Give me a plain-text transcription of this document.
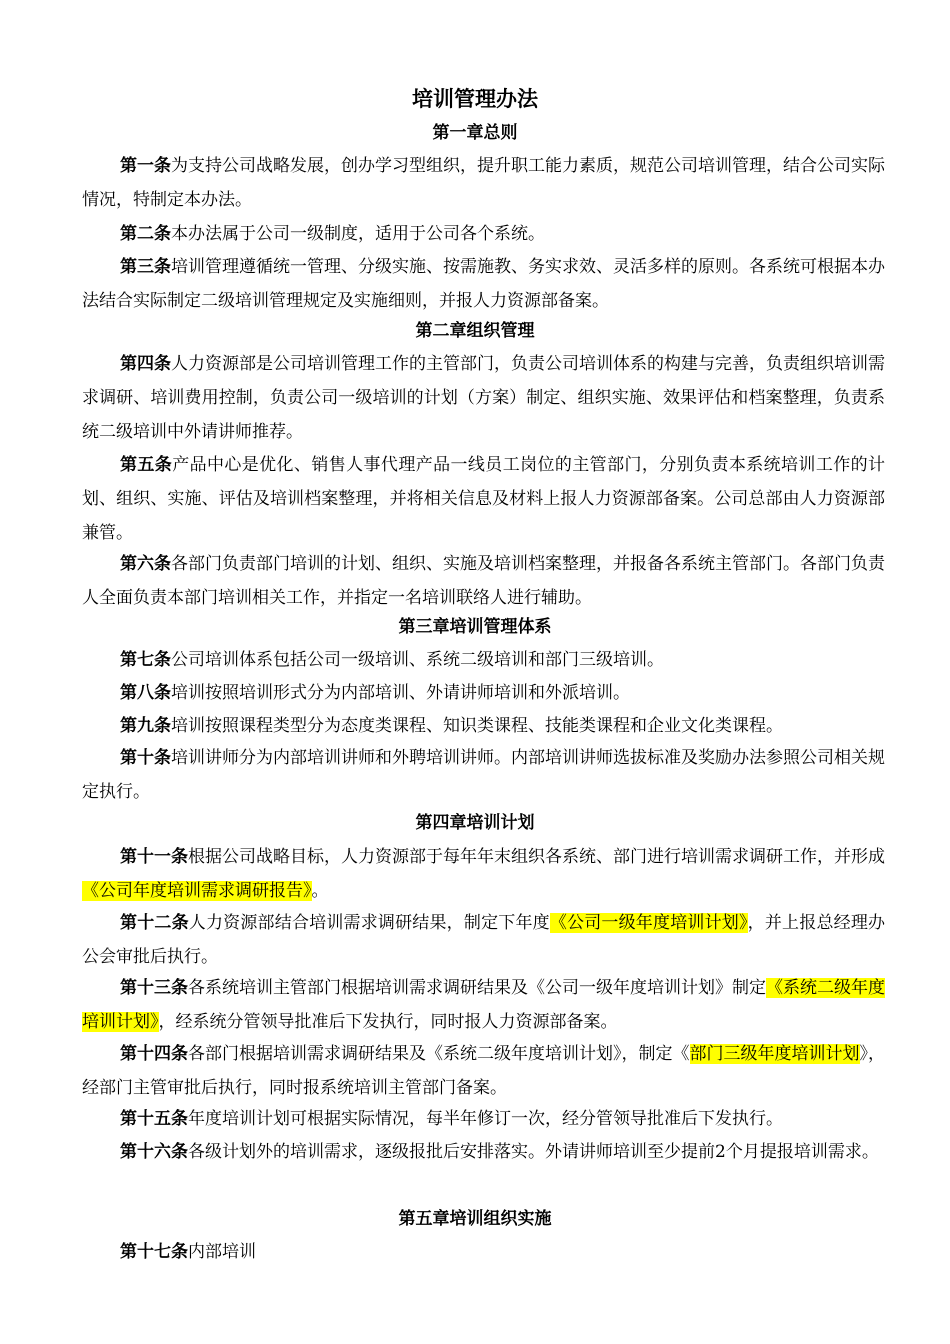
培训管理办法
第一章总则
第一条为支持公司战略发展，创办学习型组织，提升职工能力素质，规范公司培训管理，结合公司实际情况，特制定本办法。
第二条本办法属于公司一级制度，适用于公司各个系统。
第三条培训管理遵循统一管理、分级实施、按需施教、务实求效、灵活多样的原则。各系统可根据本办法结合实际制定二级培训管理规定及实施细则，并报人力资源部备案。
第二章组织管理
第四条人力资源部是公司培训管理工作的主管部门，负责公司培训体系的构建与完善，负责组织培训需求调研、培训费用控制，负责公司一级培训的计划（方案）制定、组织实施、效果评估和档案整理，负责系统二级培训中外请讲师推荐。
第五条产品中心是优化、销售人事代理产品一线员工岗位的主管部门，分别负责本系统培训工作的计划、组织、实施、评估及培训档案整理，并将相关信息及材料上报人力资源部备案。公司总部由人力资源部兼管。
第六条各部门负责部门培训的计划、组织、实施及培训档案整理，并报备各系统主管部门。各部门负责人全面负责本部门培训相关工作，并指定一名培训联络人进行辅助。
第三章培训管理体系
第七条公司培训体系包括公司一级培训、系统二级培训和部门三级培训。
第八条培训按照培训形式分为内部培训、外请讲师培训和外派培训。
第九条培训按照课程类型分为态度类课程、知识类课程、技能类课程和企业文化类课程。
第十条培训讲师分为内部培训讲师和外聘培训讲师。内部培训讲师选拔标准及奖励办法参照公司相关规定执行。
第四章培训计划
第十一条根据公司战略目标，人力资源部于每年年末组织各系统、部门进行培训需求调研工作，并形成《公司年度培训需求调研报告》。
第十二条人力资源部结合培训需求调研结果，制定下年度《公司一级年度培训计划》，并上报总经理办公会审批后执行。
第十三条各系统培训主管部门根据培训需求调研结果及《公司一级年度培训计划》制定《系统二级年度培训计划》，经系统分管领导批准后下发执行，同时报人力资源部备案。
第十四条各部门根据培训需求调研结果及《系统二级年度培训计划》，制定《部门三级年度培训计划》，经部门主管审批后执行，同时报系统培训主管部门备案。
第十五条年度培训计划可根据实际情况，每半年修订一次，经分管领导批准后下发执行。
第十六条各级计划外的培训需求，逐级报批后安排落实。外请讲师培训至少提前2个月提报培训需求。
第五章培训组织实施
第十七条内部培训
